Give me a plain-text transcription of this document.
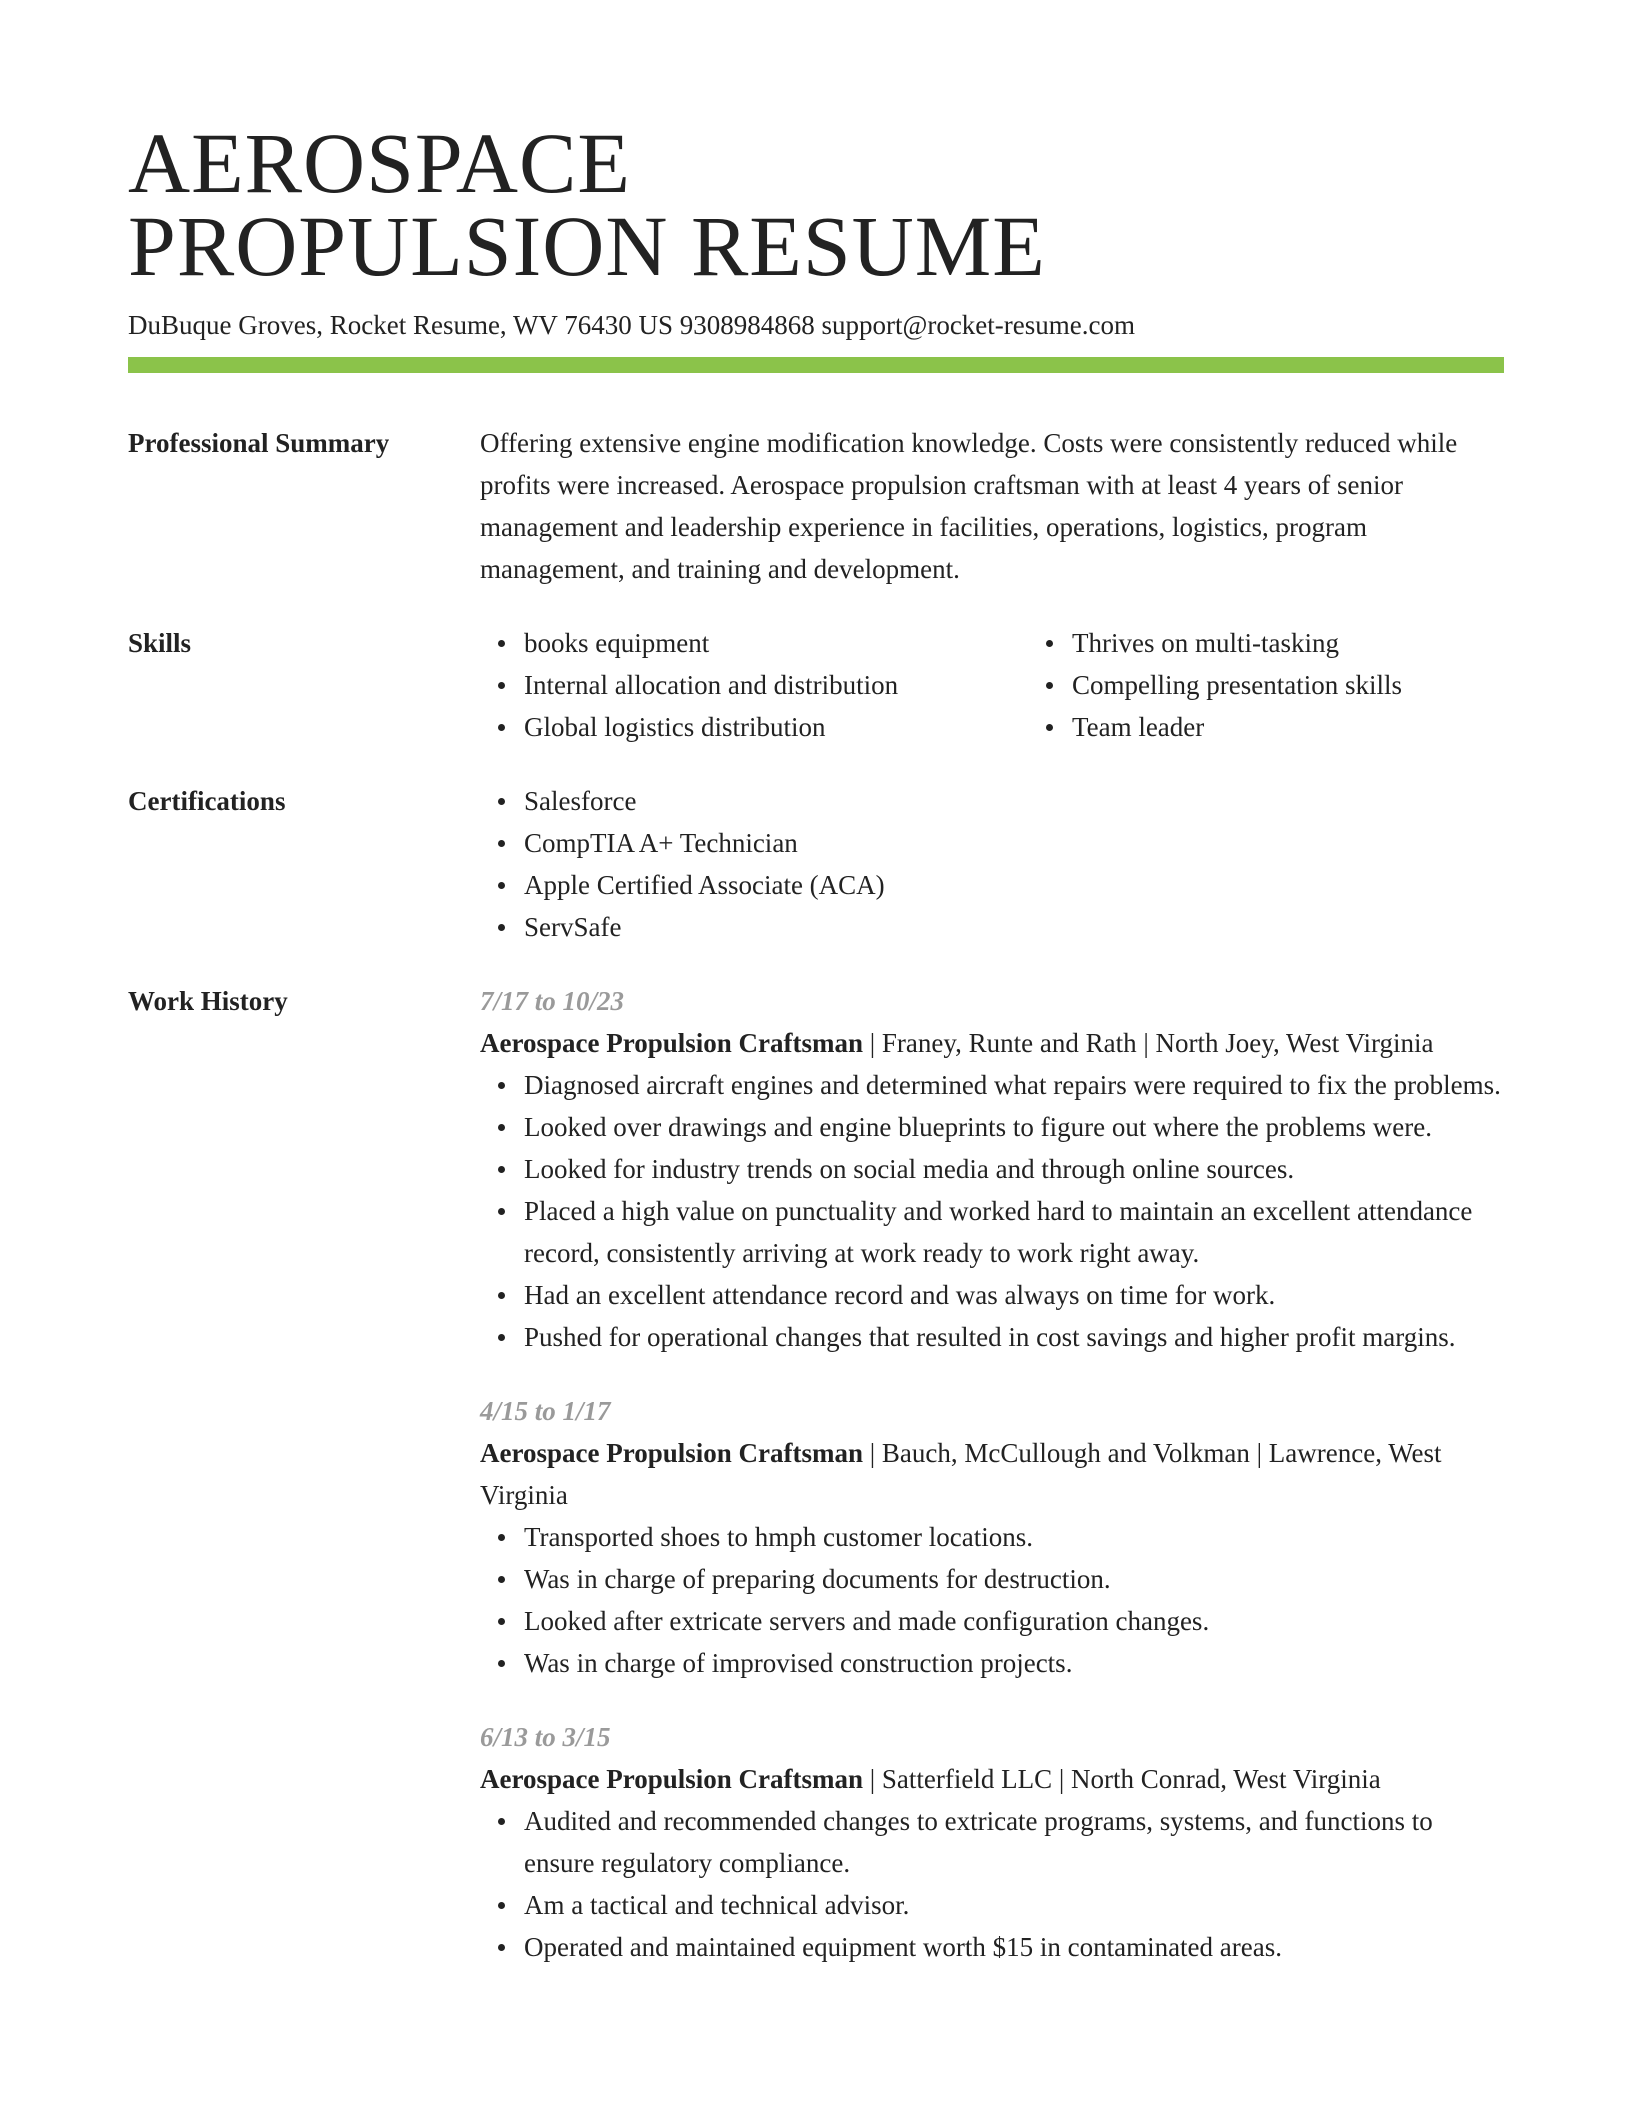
AEROSPACE
PROPULSION RESUME
DuBuque Groves, Rocket Resume, WV 76430 US 9308984868 support@rocket-resume.com
Professional Summary	Offering extensive engine modification knowledge. Costs were consistently reduced while profits were increased. Aerospace propulsion craftsman with at least 4 years of senior management and leadership experience in facilities, operations, logistics, program management, and training and development.
Skills	books equipment
Internal allocation and distribution
Global logistics distribution
Thrives on multi-tasking
Compelling presentation skills
Team leader
Certifications	Salesforce
CompTIA A+ Technician
Apple Certified Associate (ACA)
ServSafe
Work History	7/17 to 10/23
Aerospace Propulsion Craftsman | Franey, Runte and Rath | North Joey, West Virginia
Diagnosed aircraft engines and determined what repairs were required to fix the problems.
Looked over drawings and engine blueprints to figure out where the problems were.
Looked for industry trends on social media and through online sources.
Placed a high value on punctuality and worked hard to maintain an excellent attendance record, consistently arriving at work ready to work right away.
Had an excellent attendance record and was always on time for work.
Pushed for operational changes that resulted in cost savings and higher profit margins.
4/15 to 1/17
Aerospace Propulsion Craftsman | Bauch, McCullough and Volkman | Lawrence, West Virginia
Transported shoes to hmph customer locations.
Was in charge of preparing documents for destruction.
Looked after extricate servers and made configuration changes.
Was in charge of improvised construction projects.
6/13 to 3/15
Aerospace Propulsion Craftsman | Satterfield LLC | North Conrad, West Virginia
Audited and recommended changes to extricate programs, systems, and functions to ensure regulatory compliance.
Am a tactical and technical advisor.
Operated and maintained equipment worth $15 in contaminated areas.
